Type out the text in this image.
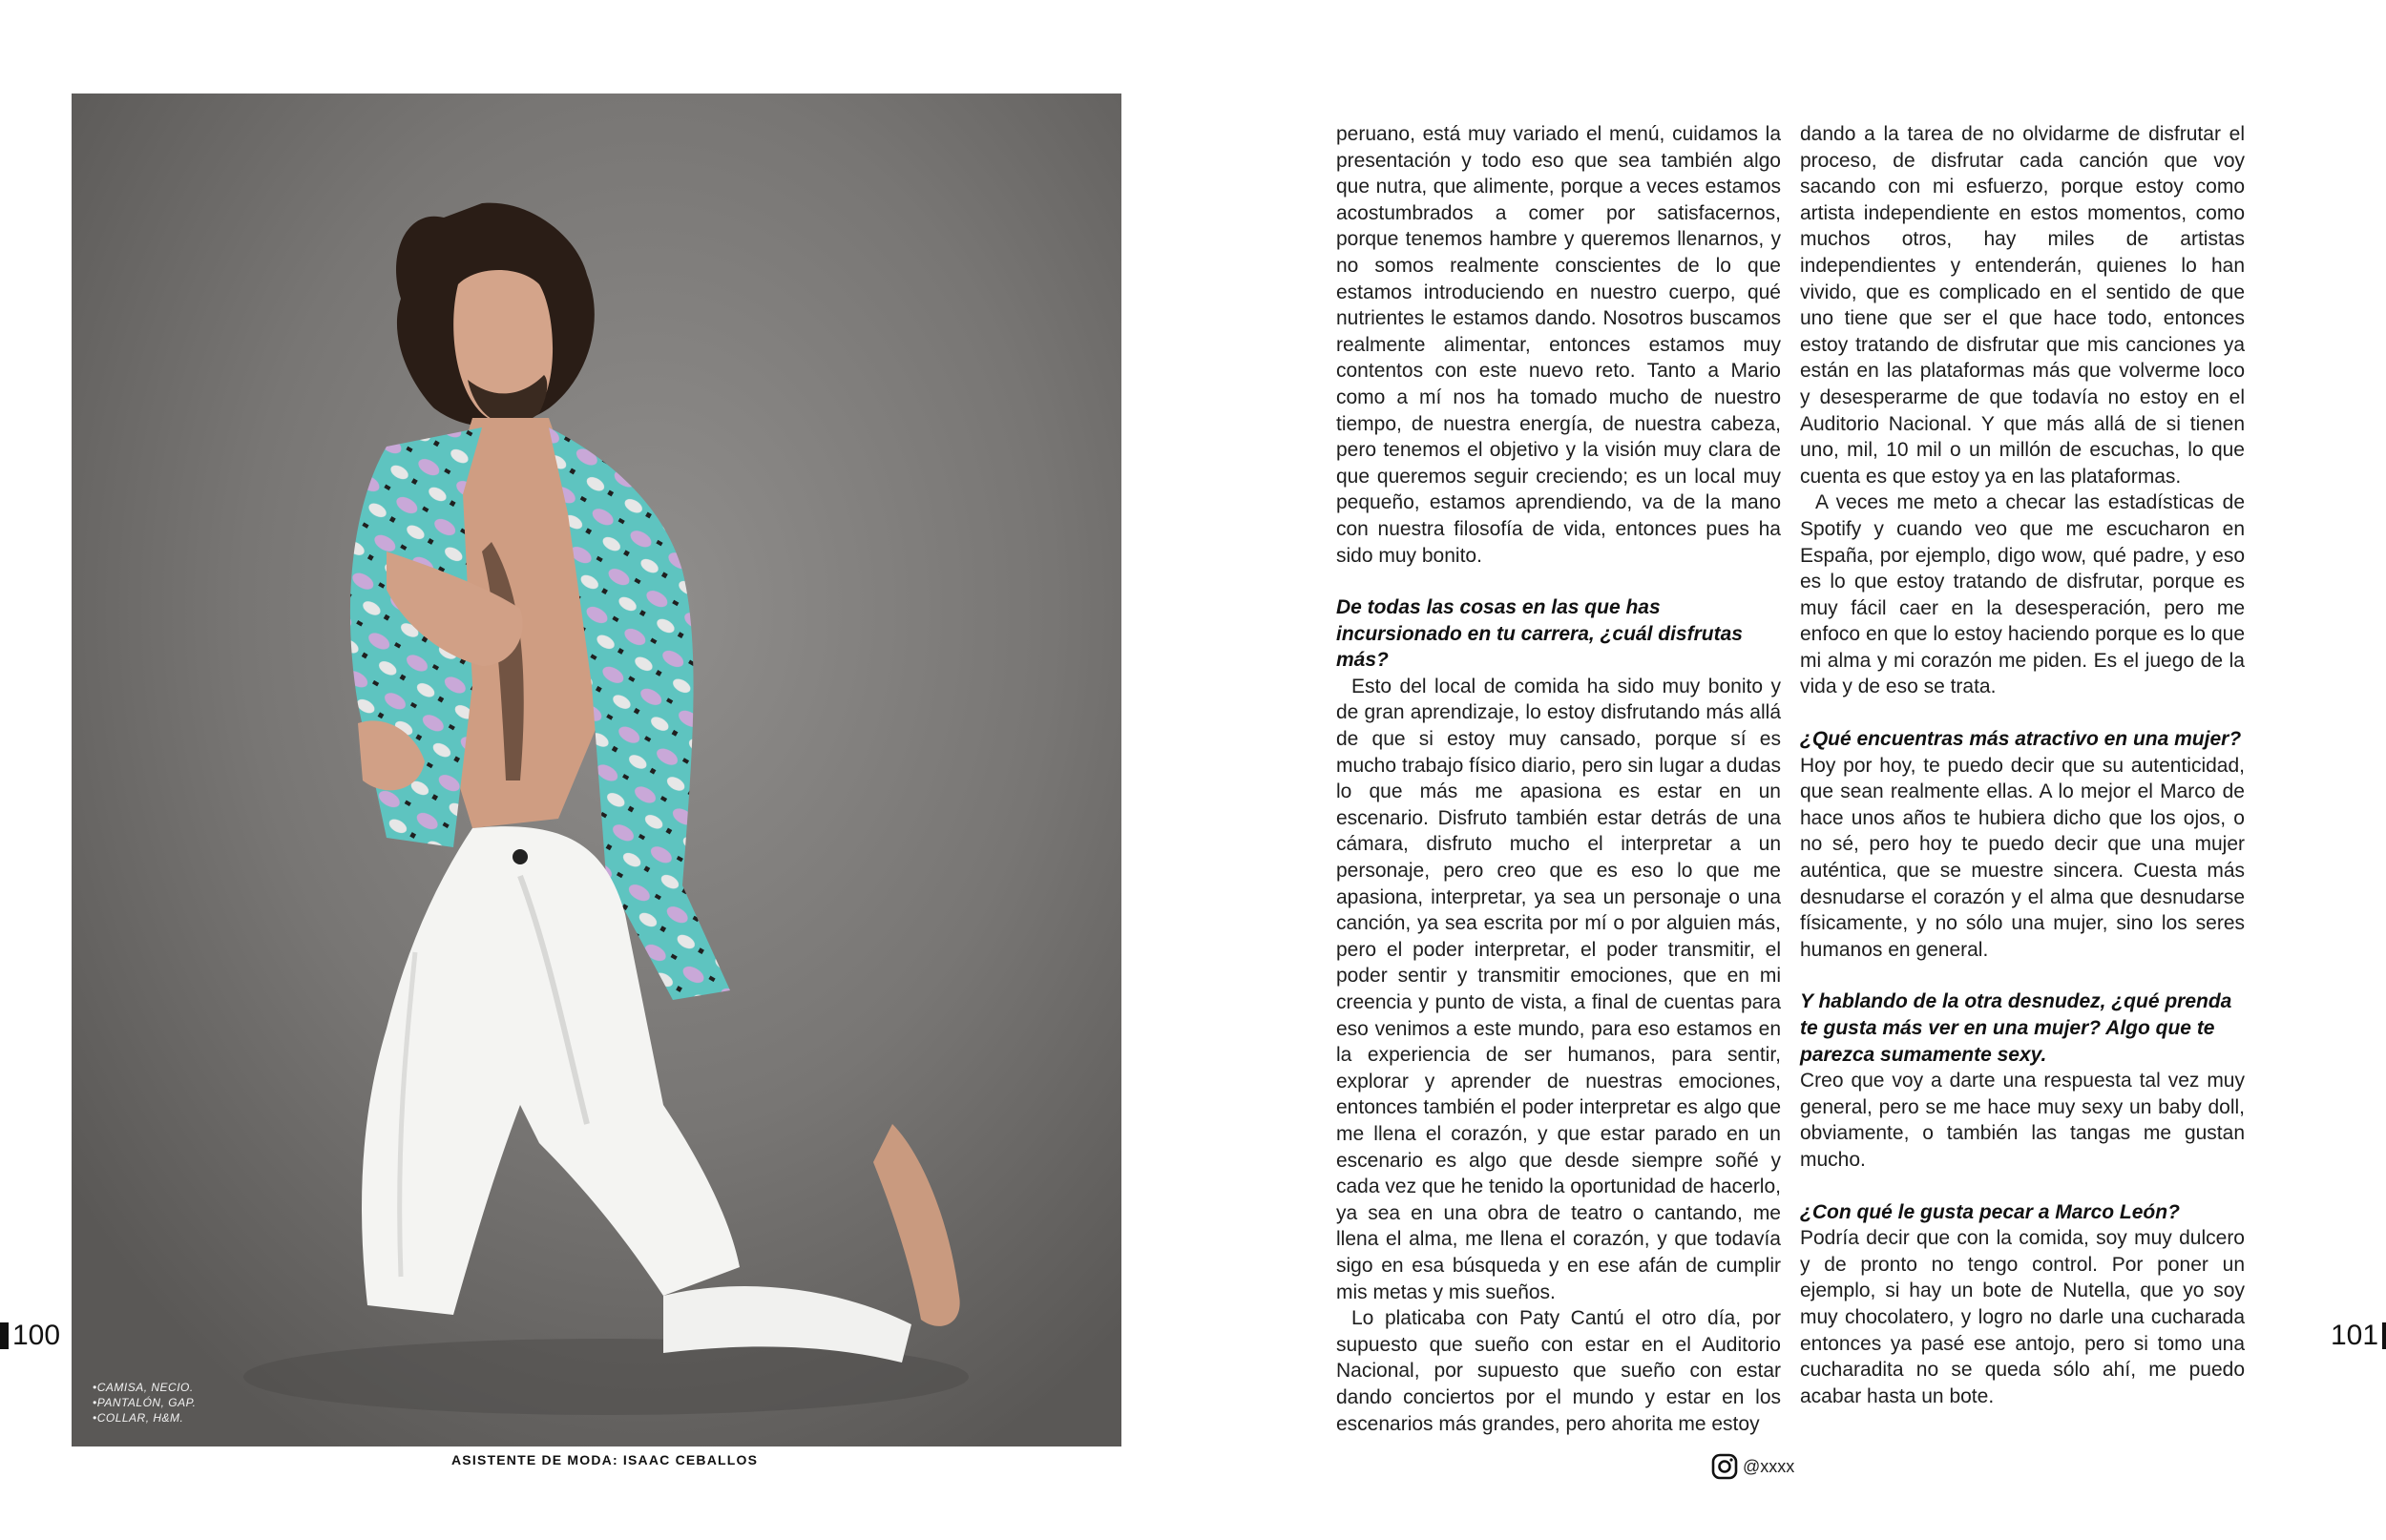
•CAMISA, NECIO.
•PANTALÓN, GAP.
•COLLAR, H&M.
ASISTENTE DE MODA: ISAAC CEBALLOS
100

peruano, está muy variado el menú, cuidamos la presentación y todo eso que sea también algo que nutra, que alimente, porque a veces estamos acostumbrados a comer por satisfacernos, porque tenemos hambre y queremos llenarnos, y no somos realmente conscientes de lo que estamos introduciendo en nuestro cuerpo, qué nutrientes le estamos dando. Nosotros buscamos realmente alimentar, entonces estamos muy contentos con este nuevo reto. Tanto a Mario como a mí nos ha tomado mucho de nuestro tiempo, de nuestra energía, de nuestra cabeza, pero tenemos el objetivo y la visión muy clara de que queremos seguir creciendo; es un local muy pequeño, estamos aprendiendo, va de la mano con nuestra filosofía de vida, entonces pues ha sido muy bonito.

De todas las cosas en las que has incursionado en tu carrera, ¿cuál disfrutas más?

Esto del local de comida ha sido muy bonito y de gran aprendizaje, lo estoy disfrutando más allá de que si estoy muy cansado, porque sí es mucho trabajo físico diario, pero sin lugar a dudas lo que más me apasiona es estar en un escenario. Disfruto también estar detrás de una cámara, disfruto mucho el interpretar a un personaje, pero creo que es eso lo que me apasiona, interpretar, ya sea un personaje o una canción, ya sea escrita por mí o por alguien más, pero el poder interpretar, el poder transmitir, el poder sentir y transmitir emociones, que en mi creencia y punto de vista, a final de cuentas para eso venimos a este mundo, para eso estamos en la experiencia de ser humanos, para sentir, explorar y aprender de nuestras emociones, entonces también el poder interpretar es algo que me llena el corazón, y que estar parado en un escenario es algo que desde siempre soñé y cada vez que he tenido la oportunidad de hacerlo, ya sea en una obra de teatro o cantando, me llena el alma, me llena el corazón, y que todavía sigo en esa búsqueda y en ese afán de cumplir mis metas y mis sueños.

Lo platicaba con Paty Cantú el otro día, por supuesto que sueño con estar en el Auditorio Nacional, por supuesto que sueño con estar dando conciertos por el mundo y estar en los escenarios más grandes, pero ahorita me estoy

dando a la tarea de no olvidarme de disfrutar el proceso, de disfrutar cada canción que voy sacando con mi esfuerzo, porque estoy como artista independiente en estos momentos, como muchos otros, hay miles de artistas independientes y entenderán, quienes lo han vivido, que es complicado en el sentido de que uno tiene que ser el que hace todo, entonces estoy tratando de disfrutar que mis canciones ya están en las plataformas más que volverme loco y desesperarme de que todavía no estoy en el Auditorio Nacional. Y que más allá de si tienen uno, mil, 10 mil o un millón de escuchas, lo que cuenta es que estoy ya en las plataformas.

A veces me meto a checar las estadísticas de Spotify y cuando veo que me escucharon en España, por ejemplo, digo wow, qué padre, y eso es lo que estoy tratando de disfrutar, porque es muy fácil caer en la desesperación, pero me enfoco en que lo estoy haciendo porque es lo que mi alma y mi corazón me piden. Es el juego de la vida y de eso se trata.

¿Qué encuentras más atractivo en una mujer?

Hoy por hoy, te puedo decir que su autenticidad, que sean realmente ellas. A lo mejor el Marco de hace unos años te hubiera dicho que los ojos, o no sé, pero hoy te puedo decir que una mujer auténtica, que se muestre sincera. Cuesta más desnudarse el corazón y el alma que desnudarse físicamente, y no sólo una mujer, sino los seres humanos en general.

Y hablando de la otra desnudez, ¿qué prenda te gusta más ver en una mujer? Algo que te parezca sumamente sexy.

Creo que voy a darte una respuesta tal vez muy general, pero se me hace muy sexy un baby doll, obviamente, o también las tangas me gustan mucho.

¿Con qué le gusta pecar a Marco León?

Podría decir que con la comida, soy muy dulcero y de pronto no tengo control. Por poner un ejemplo, si hay un bote de Nutella, que yo soy muy chocolatero, y logro no darle una cucharada entonces ya pasé ese antojo, pero si tomo una cucharadita no se queda sólo ahí, me puedo acabar hasta un bote.

101
@xxxx
